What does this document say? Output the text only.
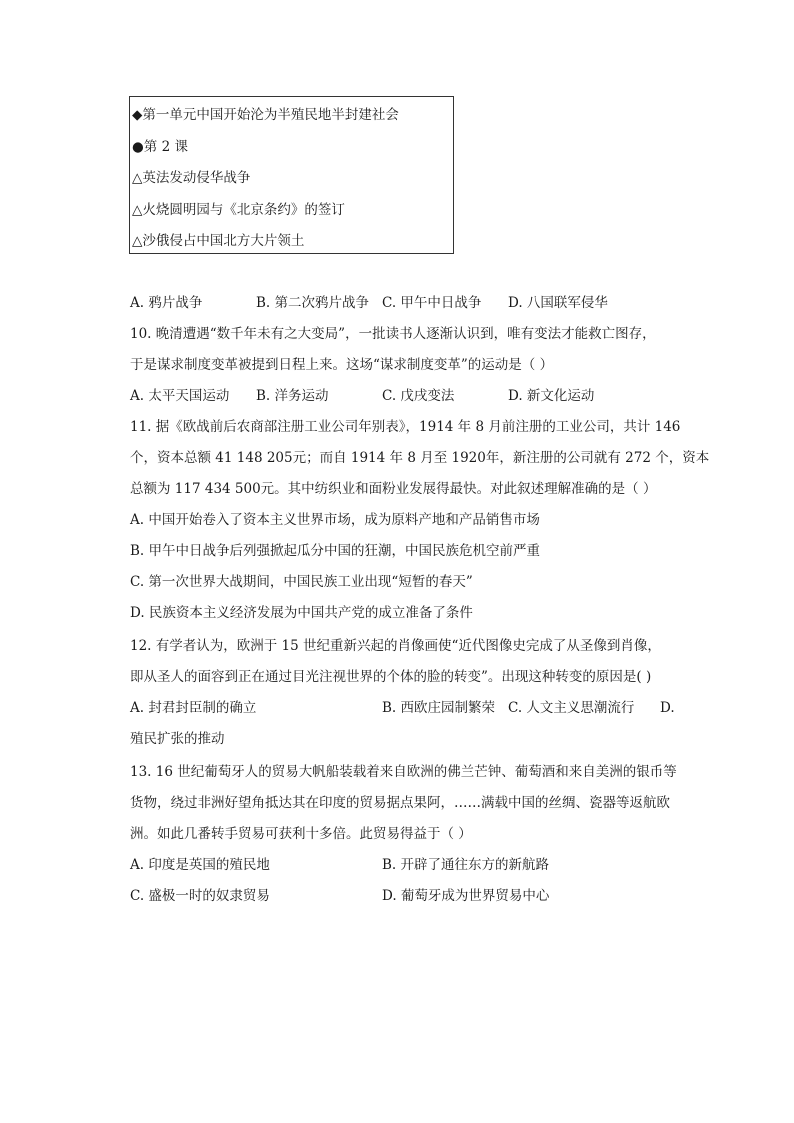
◆第一单元中国开始沦为半殖民地半封建社会
●第 2 课
△英法发动侵华战争
△火烧圆明园与《北京条约》的签订
△沙俄侵占中国北方大片领土
A. 鸦片战争	B. 第二次鸦片战争 C. 甲午中日战争 D. 八国联军侵华
10. 晚清遭遇“数千年未有之大变局”，一批读书人逐渐认识到，唯有变法才能救亡图存，
于是谋求制度变革被提到日程上来。这场“谋求制度变革”的运动是（ ）
A. 太平天国运动 B. 洋务运动	C. 戊戌变法	D. 新文化运动
11. 据《欧战前后农商部注册工业公司年别表》，1914 年 8 月前注册的工业公司，共计 146
个，资本总额 41 148 205元；而自 1914 年 8 月至 1920年，新注册的公司就有 272 个，资本
总额为 117 434 500元。其中纺织业和面粉业发展得最快。对此叙述理解准确的是（ ）
A. 中国开始卷入了资本主义世界市场，成为原料产地和产品销售市场
B. 甲午中日战争后列强掀起瓜分中国的狂潮，中国民族危机空前严重
C. 第一次世界大战期间，中国民族工业出现“短暂的春天”
D. 民族资本主义经济发展为中国共产党的成立准备了条件
12. 有学者认为，欧洲于 15 世纪重新兴起的肖像画使“近代图像史完成了从圣像到肖像，
即从圣人的面容到正在通过目光注视世界的个体的脸的转变”。出现这种转变的原因是( )
A. 封君封臣制的确立	B. 西欧庄园制繁荣 C. 人文主义思潮流行 D.
殖民扩张的推动
13. 16 世纪葡萄牙人的贸易大帆船装载着来自欧洲的佛兰芒钟、葡萄酒和来自美洲的银币等
货物，绕过非洲好望角抵达其在印度的贸易据点果阿，……满载中国的丝绸、瓷器等返航欧
洲。如此几番转手贸易可获利十多倍。此贸易得益于（ ）
A. 印度是英国的殖民地	B. 开辟了通往东方的新航路
C. 盛极一时的奴隶贸易	D. 葡萄牙成为世界贸易中心
